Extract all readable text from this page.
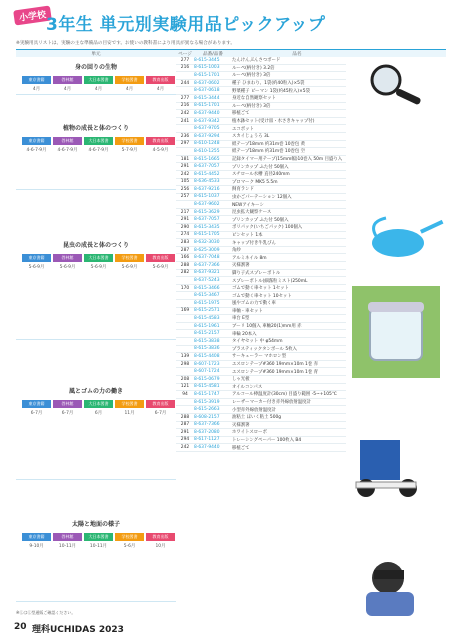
小学校 3年生 単元別実験用品ピックアップ
※実験用具リストは、実験の主な準備品の目安です。お使いの教科書により用具が異なる場合があります。
単元	ページ	品番/品番	品名
身の回りの生物
東京書籍
4月
啓林館
4月
大日本図書
4月
学校図書
4月
教育出版
4月
植物の成長と体のつくり
東京書籍
4-6·7·9月
啓林館
4-6·7·9月
大日本図書
4-6·7·9月
学校図書
5-7·9月
教育出版
4-5·9月
昆虫の成長と体のつくり
東京書籍
5-6·9月
啓林館
5-6·9月
大日本図書
5-6·9月
学校図書
5-6·9月
教育出版
5-6·9月
風とゴムの力の働き
東京書籍
6-7月
啓林館
6-7月
大日本図書
6月
学校図書
11月
教育出版
6-7月
太陽と地面の様子
東京書籍
9-10月
啓林館
10-11月
大日本図書
10-11月
学校図書
5-6月
教育出版
10月
277	8-615-3445	たんけんぶんさつボード
216	8-615-1003	ルーペ(柄付き) 3.2倍
8-615-1701	ルーペ(柄付き) 3倍
244	8-637-0602	種子 ひまわり、1袋(約40粒入)×5袋
8-637-0618	野菜種子 ピーマン 1袋(約45粒入)×5袋
277	8-615-3444	身近な自然観察セット
216	8-615-1701	ルーペ(柄付き) 3倍
242	8-637-9440	移植ごて
241	8-637-9342	植木鉢セット(受け皿・水さきキャップ付)
8-637-9705	エコポット
236	8-637-9294	スカイじょうろ 3L
297	8-610-1248	紙テープ18mm 約31m巻 10巻包 黄
8-610-1255	紙テープ18mm 約31m巻 10巻包 空
181	8-615-1665	記録タイマー用テープ(15mm幅)10巻入 50m 目盛り入
291	8-637-7057	プリンカップ ふた付 50個入
242	8-615-4452	スチロール水槽 直径240mm
105	8-636-4533	プロマーク MK5 5.5m
256	8-637-9216	飼育ランド
257	8-615-1037	虫かごパーテーション 12個入
8-637-9602	NEWアイキーシ
217	8-615-3629	昆虫拡大観察ケース
291	8-637-7057	プリンカップ ふた付 50個入
290	8-615-3435	ポリパック(いちごパック) 100個入
274	8-615-1705	ピンセット 1本
283	8-632-3030	キャップ付き牛乳びん
287	8-625-3009	角紗
166	8-637-7048	アルミネイル 8m
288	8-637-7366	灭様割箸
282	8-637-9321	脚り子式スプレーボトル
8-637-5243	スプレーボトル(細霧粒ミスト)250mL
170	8-615-3466	ゴムで動く車セット 1セット
8-615-3467	ゴムで動く車セット 10セット
8-615-1975	風やゴムの力で動く車
169	8-615-2571	車軸・車セット
8-615-4583	車台 E型
8-615-1961	ブーリ 10個入 車軸20(1)mm用 赤
8-615-2157	車輪 20本入
8-615-3838	タイヤセット 中 φ54mm
8-615-3836	プラスティックタンボール 5枚入
139	8-615-4408	サーキューラー マホロン型
298	8-607-1723	エスロンテープ#360 19mm×10m 1巻 赤
8-607-1724	エスロンテープ#360 19mm×10m 1巻 青
208	8-615-0679	しゃ光板
121	8-615-4581	オイルコンパス
94	8-615-1747	アルコール棒温度計(30cm) 目盛り範囲 -5~+105℃
8-615-3919	レーザーマーカー付き赤外線放射温度計
8-615-2663	小型赤外線放射温度計
288	8-608-2157	油粘土 ほいく粘土 500g
287	8-637-7366	灭様割箸
291	8-637-2080	ホワイトスローボ
294	8-617-1127	トレーシングペーパー 100枚入 B4
242	8-637-9440	移植ごて
※ⓁはⓁ型通販ご確認ください。
20 理科UCHIDAS 2023
